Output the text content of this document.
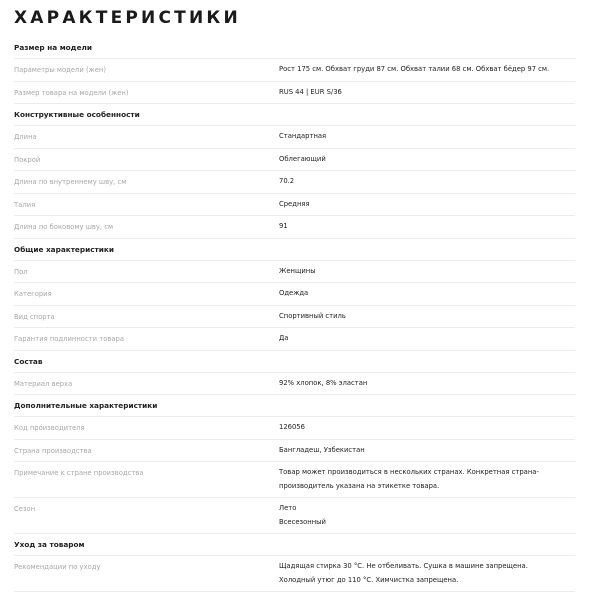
ХАРАКТЕРИСТИКИ
Размер на модели
Параметры модели (жен)	Рост 175 см. Обхват груди 87 см. Обхват талии 68 см. Обхват бёдер 97 см.
Размер товара на модели (жен)	RUS 44 | EUR S/36
Конструктивные особенности
Длина	Стандартная
Покрой	Облегающий
Длина по внутреннему шву, см	70.2
Талия	Средняя
Длина по боковому шву, см	91
Общие характеристики
Пол	Женщины
Категория	Одежда
Вид спорта	Спортивный стиль
Гарантия подлинности товара	Да
Состав
Материал верха	92% хлопок, 8% эластан
Дополнительные характеристики
Код производителя	126056
Страна производства	Бангладеш, Узбекистан
Примечание к стране производства	Товар может производиться в нескольких странах. Конкретная страна-
производитель указана на этикетке товара.
Сезон	Лето
Всесезонный
Уход за товаром
Рекомендации по уходу	Щадящая стирка 30 °С. Не отбеливать. Сушка в машине запрещена.
Холодный утюг до 110 °С. Химчистка запрещена.
